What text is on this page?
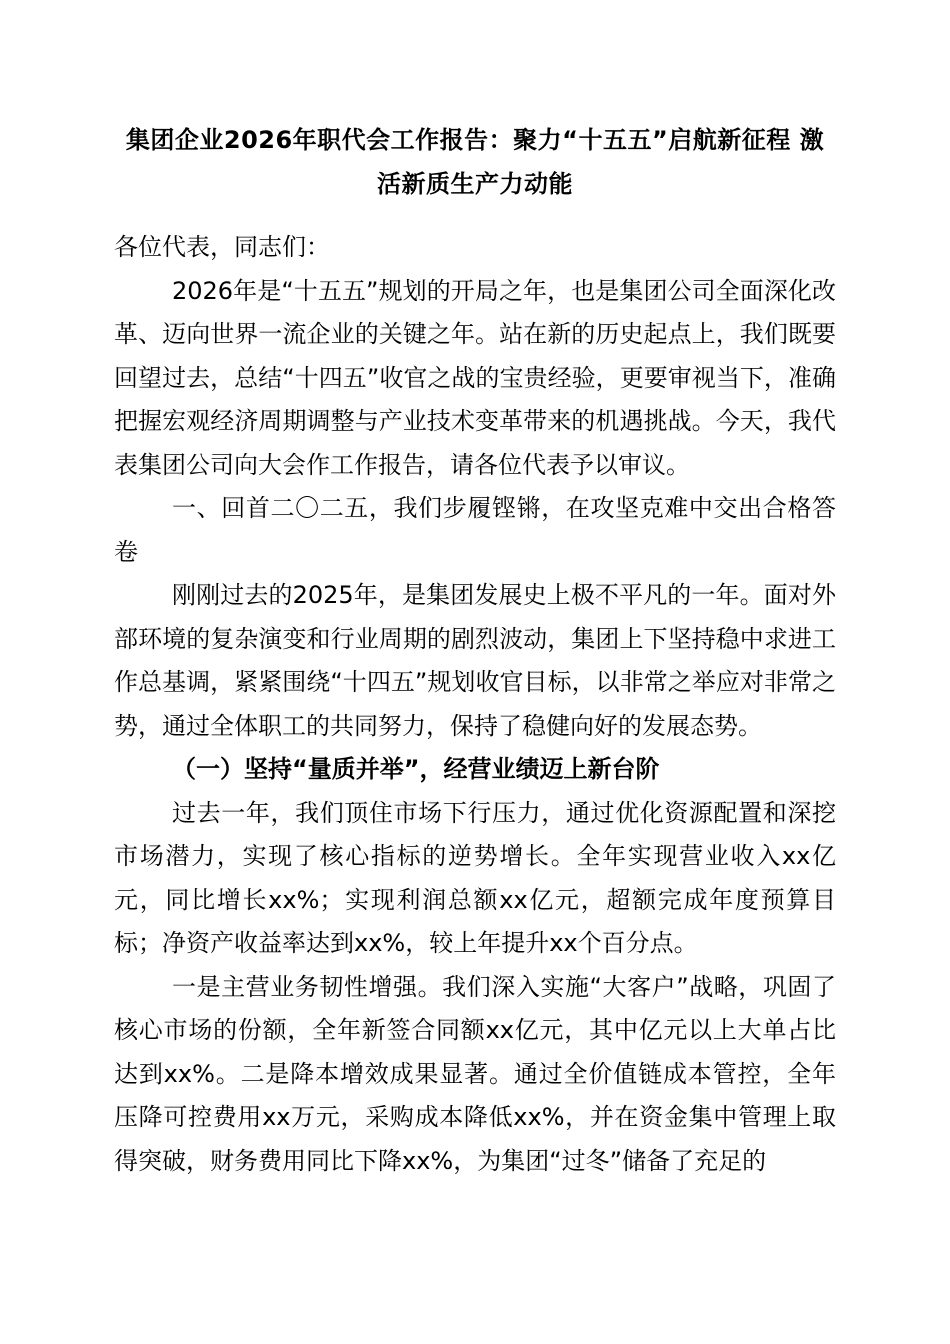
集团企业2026年职代会工作报告：聚力“十五五”启航新征程 激活新质生产力动能

各位代表，同志们：

2026年是“十五五”规划的开局之年，也是集团公司全面深化改革、迈向世界一流企业的关键之年。站在新的历史起点上，我们既要回望过去，总结“十四五”收官之战的宝贵经验，更要审视当下，准确把握宏观经济周期调整与产业技术变革带来的机遇挑战。今天，我代表集团公司向大会作工作报告，请各位代表予以审议。

一、回首二〇二五，我们步履铿锵，在攻坚克难中交出合格答卷

刚刚过去的2025年，是集团发展史上极不平凡的一年。面对外部环境的复杂演变和行业周期的剧烈波动，集团上下坚持稳中求进工作总基调，紧紧围绕“十四五”规划收官目标，以非常之举应对非常之势，通过全体职工的共同努力，保持了稳健向好的发展态势。

（一）坚持“量质并举”，经营业绩迈上新台阶

过去一年，我们顶住市场下行压力，通过优化资源配置和深挖市场潜力，实现了核心指标的逆势增长。全年实现营业收入xx亿元，同比增长xx%；实现利润总额xx亿元，超额完成年度预算目标；净资产收益率达到xx%，较上年提升xx个百分点。

一是主营业务韧性增强。我们深入实施“大客户”战略，巩固了核心市场的份额，全年新签合同额xx亿元，其中亿元以上大单占比达到xx%。二是降本增效成果显著。通过全价值链成本管控，全年压降可控费用xx万元，采购成本降低xx%，并在资金集中管理上取得突破，财务费用同比下降xx%，为集团“过冬”储备了充足的
